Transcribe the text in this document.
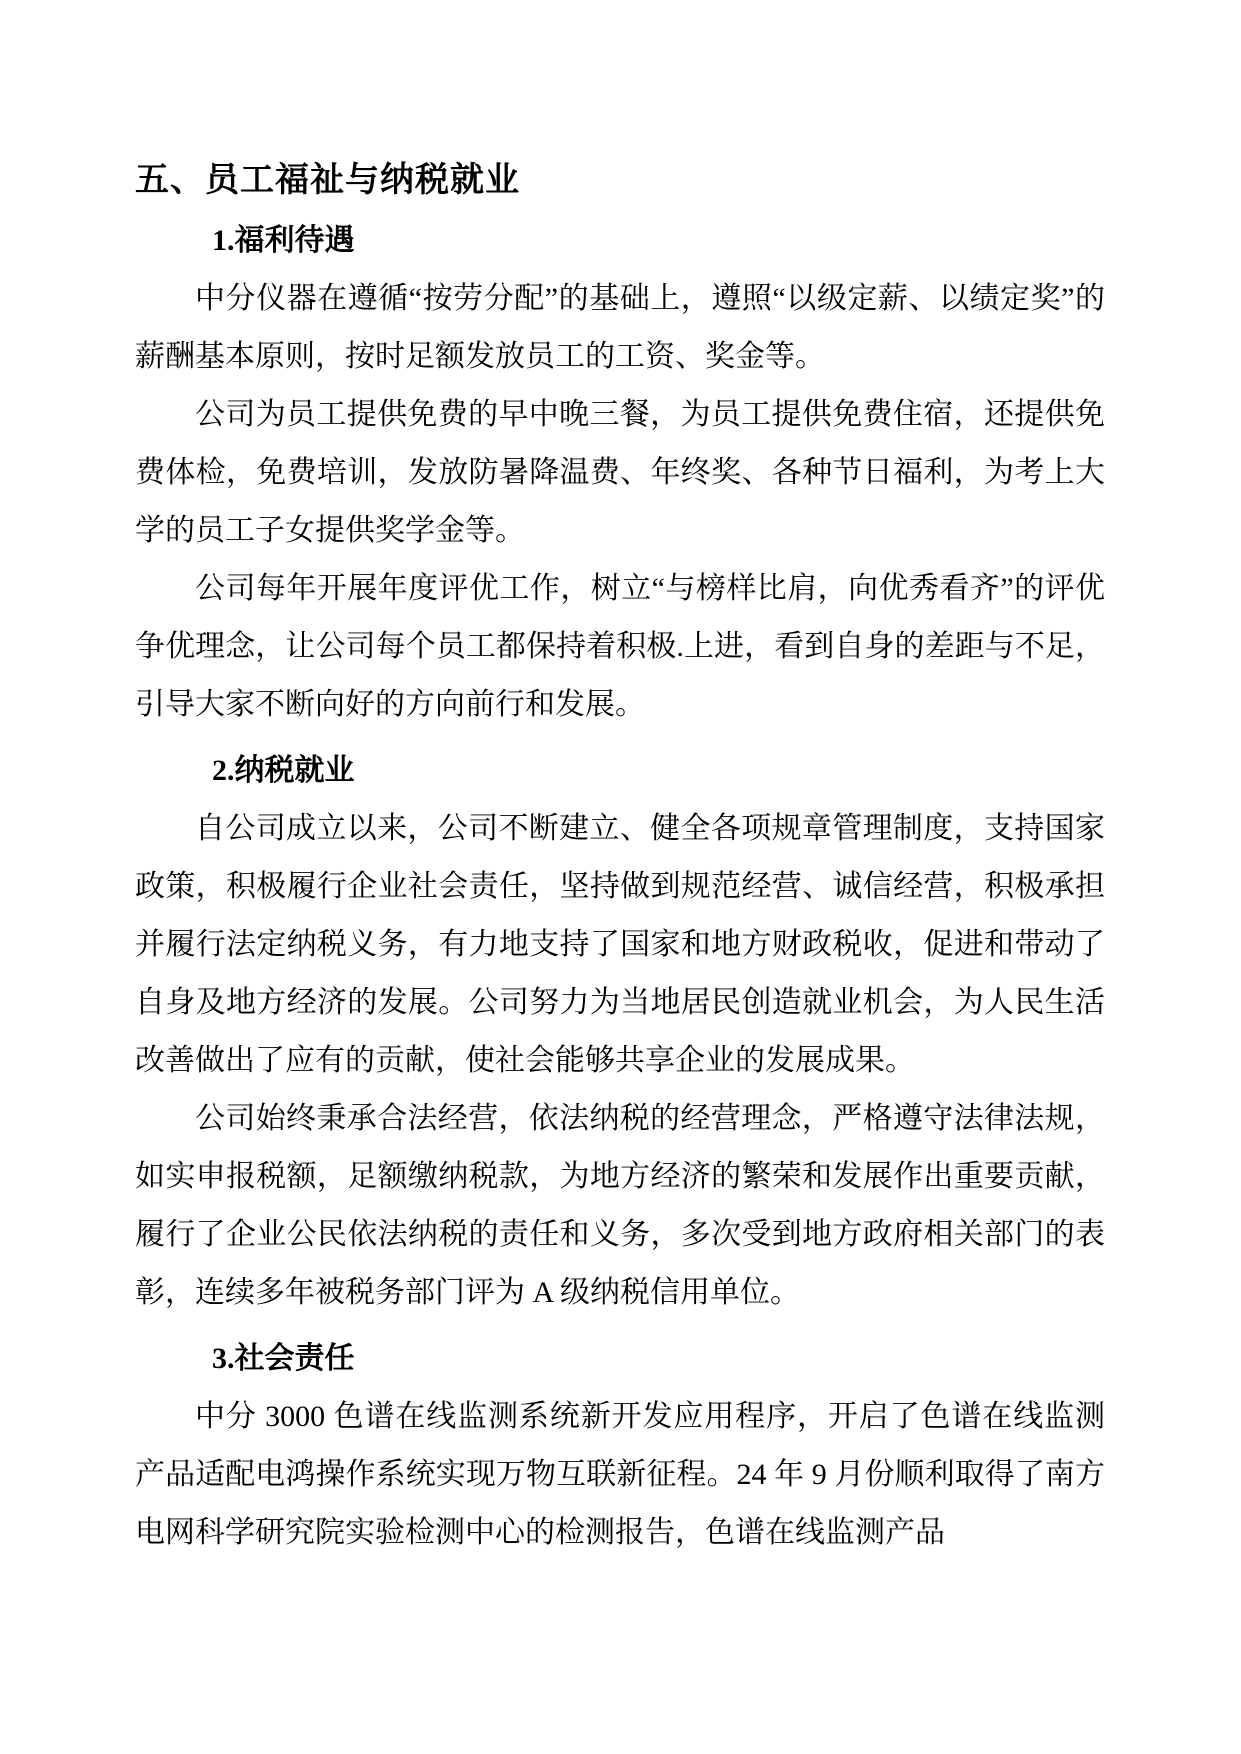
五、员工福祉与纳税就业
1.福利待遇

中分仪器在遵循“按劳分配”的基础上，遵照“以级定薪、以绩定奖”的薪酬基本原则，按时足额发放员工的工资、奖金等。

公司为员工提供免费的早中晚三餐，为员工提供免费住宿，还提供免费体检，免费培训，发放防暑降温费、年终奖、各种节日福利，为考上大学的员工子女提供奖学金等。

公司每年开展年度评优工作，树立“与榜样比肩，向优秀看齐”的评优争优理念，让公司每个员工都保持着积极.上进，看到自身的差距与不足，引导大家不断向好的方向前行和发展。

2.纳税就业

自公司成立以来，公司不断建立、健全各项规章管理制度，支持国家政策，积极履行企业社会责任，坚持做到规范经营、诚信经营，积极承担并履行法定纳税义务，有力地支持了国家和地方财政税收，促进和带动了自身及地方经济的发展。公司努力为当地居民创造就业机会，为人民生活改善做出了应有的贡献，使社会能够共享企业的发展成果。

公司始终秉承合法经营，依法纳税的经营理念，严格遵守法律法规，如实申报税额，足额缴纳税款，为地方经济的繁荣和发展作出重要贡献，履行了企业公民依法纳税的责任和义务，多次受到地方政府相关部门的表彰，连续多年被税务部门评为 A 级纳税信用单位。

3.社会责任

中分 3000 色谱在线监测系统新开发应用程序，开启了色谱在线监测产品适配电鸿操作系统实现万物互联新征程。24 年 9 月份顺利取得了南方电网科学研究院实验检测中心的检测报告，色谱在线监测产品
